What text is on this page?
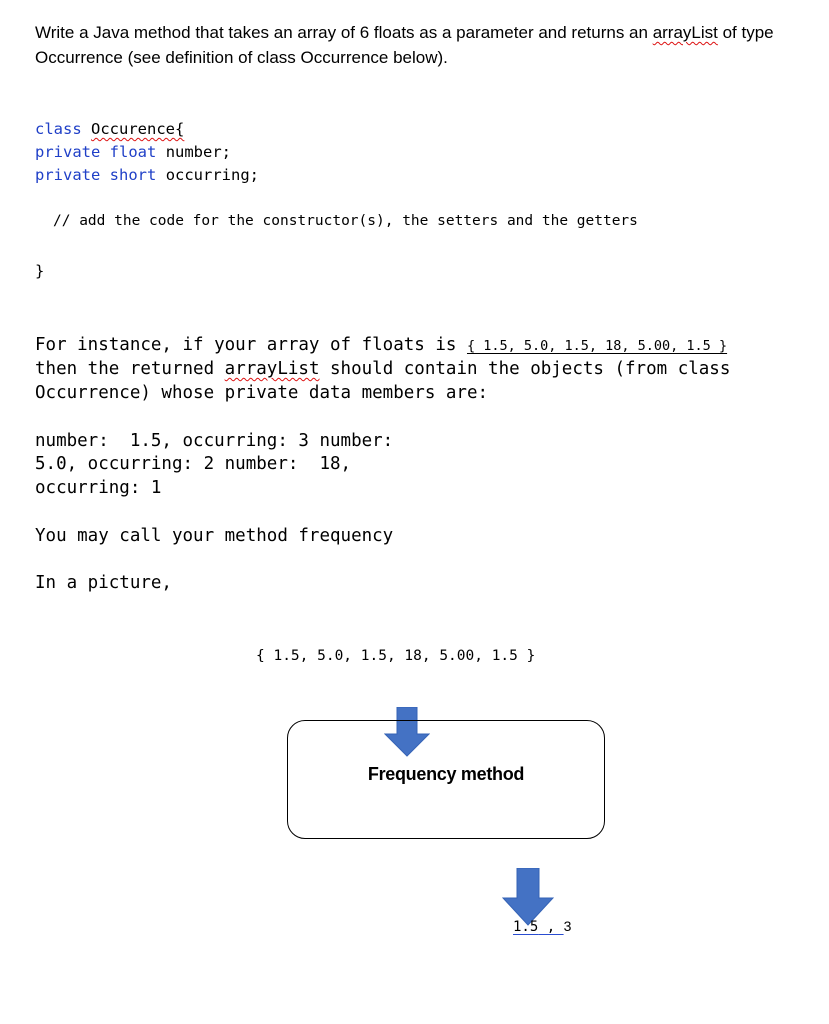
Write a Java method that takes an array of 6 floats as a parameter and returns an arrayList of type Occurrence (see definition of class Occurrence below).
class Occurence{
private float number;
private short occurring;
// add the code for the constructor(s), the setters and the getters
}
For instance, if your array of floats is { 1.5, 5.0, 1.5, 18, 5.00, 1.5 }
then the returned arrayList should contain the objects (from class
Occurrence) whose private data members are:
number:  1.5, occurring: 3 number:
5.0, occurring: 2 number:  18,
occurring: 1
You may call your method frequency
In a picture,
{ 1.5, 5.0, 1.5, 18, 5.00, 1.5 }

Frequency method

1.5 , 3
